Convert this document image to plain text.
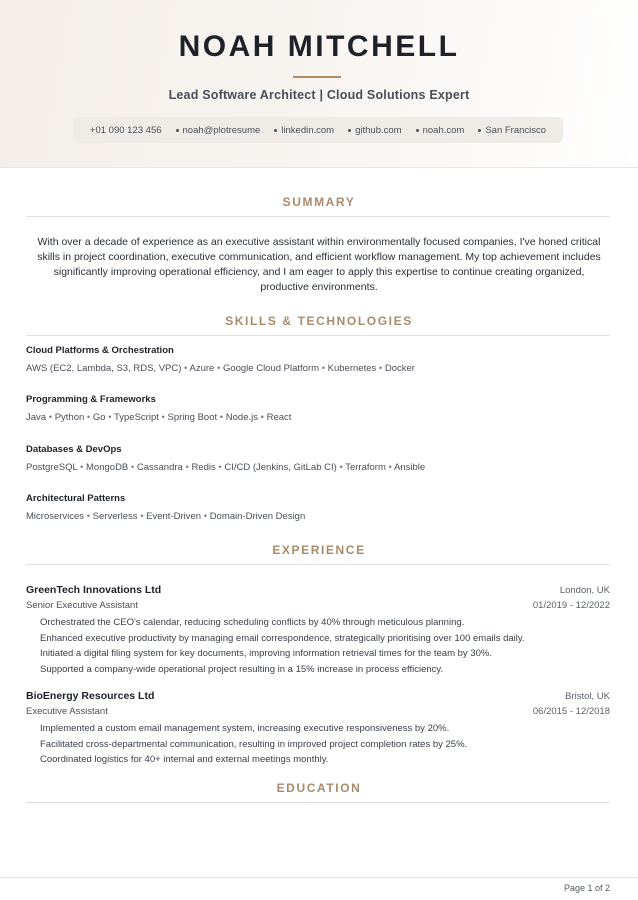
NOAH MITCHELL
Lead Software Architect | Cloud Solutions Expert
+01 090 123 456 noah@plotresume linkedin.com github.com noah.com San Francisco
SUMMARY
With over a decade of experience as an executive assistant within environmentally focused companies, I've honed critical skills in project coordination, executive communication, and efficient workflow management. My top achievement includes significantly improving operational efficiency, and I am eager to apply this expertise to continue creating organized, productive environments.
SKILLS & TECHNOLOGIES
Cloud Platforms & Orchestration
AWS (EC2, Lambda, S3, RDS, VPC) • Azure • Google Cloud Platform • Kubernetes • Docker
Programming & Frameworks
Java • Python • Go • TypeScript • Spring Boot • Node.js • React
Databases & DevOps
PostgreSQL • MongoDB • Cassandra • Redis • CI/CD (Jenkins, GitLab CI) • Terraform • Ansible
Architectural Patterns
Microservices • Serverless • Event-Driven • Domain-Driven Design
EXPERIENCE
GreenTech Innovations Ltd	London, UK
Senior Executive Assistant	01/2019 - 12/2022
Orchestrated the CEO's calendar, reducing scheduling conflicts by 40% through meticulous planning.
Enhanced executive productivity by managing email correspondence, strategically prioritising over 100 emails daily.
Initiated a digital filing system for key documents, improving information retrieval times for the team by 30%.
Supported a company-wide operational project resulting in a 15% increase in process efficiency.
BioEnergy Resources Ltd	Bristol, UK
Executive Assistant	06/2015 - 12/2018
Implemented a custom email management system, increasing executive responsiveness by 20%.
Facilitated cross-departmental communication, resulting in improved project completion rates by 25%.
Coordinated logistics for 40+ internal and external meetings monthly.
EDUCATION
Page 1 of 2
